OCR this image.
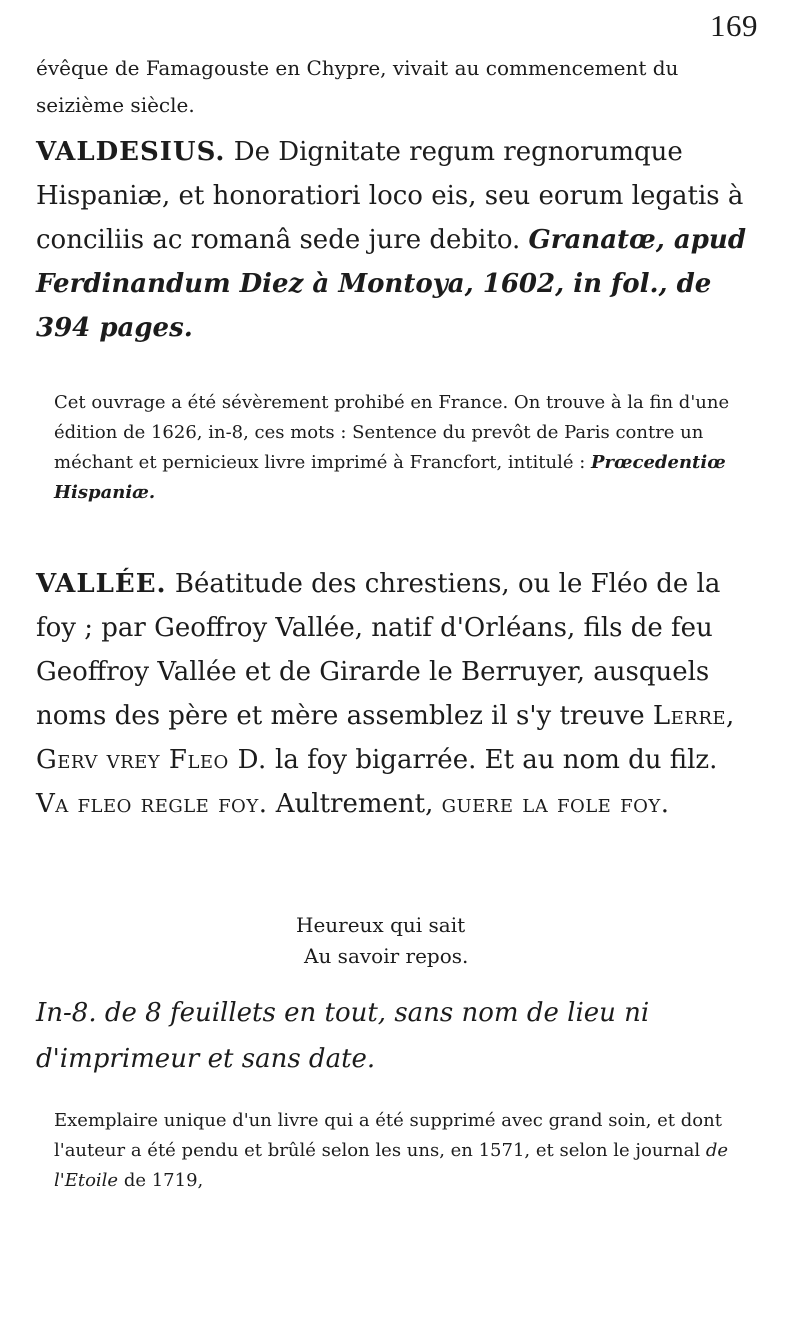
169

évêque de Famagouste en Chypre, vivait au commencement du seizième siècle.

VALDESIUS. De Dignitate regum regnorumque Hispaniæ, et honoratiori loco eis, seu eorum legatis à conciliis ac romanâ sede jure debito. Granatœ, apud Ferdinandum Diez à Montoya, 1602, in fol., de 394 pages.

Cet ouvrage a été sévèrement prohibé en France. On trouve à la fin d'une édition de 1626, in-8, ces mots : Sentence du prevôt de Paris contre un méchant et pernicieux livre imprimé à Francfort, intitulé : Prœcedentiœ Hispaniæ.

VALLÉE. Béatitude des chrestiens, ou le Fléo de la foy ; par Geoffroy Vallée, natif d'Orléans, fils de feu Geoffroy Vallée et de Girarde le Berruyer, ausquels noms des père et mère assemblez il s'y treuve Lerre, Gerv vrey Fleo D. la foy bigarrée. Et au nom du filz. Va fleo regle foy. Aultrement, guere la fole foy.

Heureux qui sait
Au savoir repos.

In-8. de 8 feuillets en tout, sans nom de lieu ni d'imprimeur et sans date.

Exemplaire unique d'un livre qui a été supprimé avec grand soin, et dont l'auteur a été pendu et brûlé selon les uns, en 1571, et selon le journal de l'Etoile de 1719,
